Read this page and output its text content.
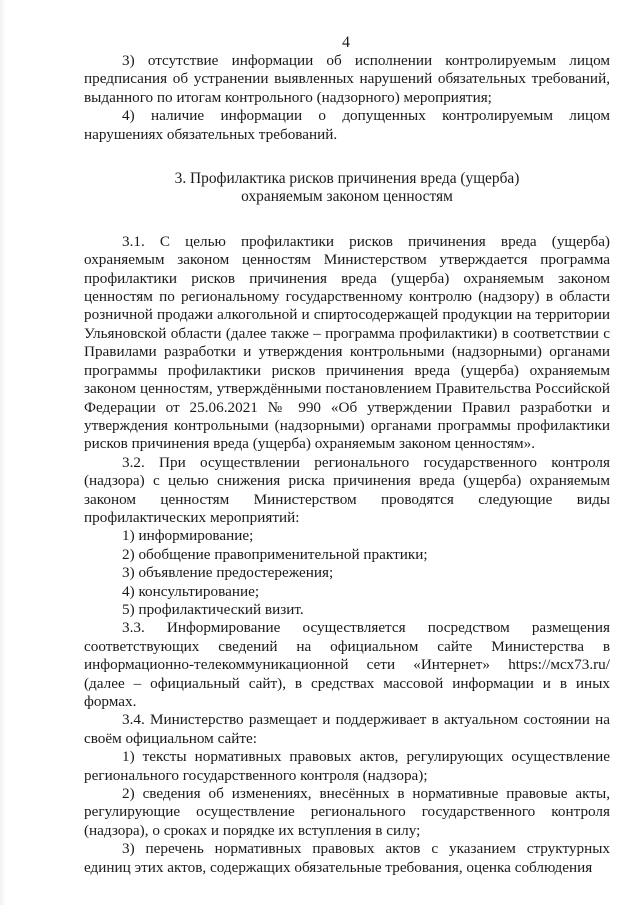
4

3) отсутствие информации об исполнении контролируемым лицом предписания об устранении выявленных нарушений обязательных требований, выданного по итогам контрольного (надзорного) мероприятия;

4) наличие информации о допущенных контролируемым лицом нарушениях обязательных требований.

3. Профилактика рисков причинения вреда (ущерба)
охраняемым законом ценностям

3.1. С целью профилактики рисков причинения вреда (ущерба) охраняемым законом ценностям Министерством утверждается программа профилактики рисков причинения вреда (ущерба) охраняемым законом ценностям по региональному государственному контролю (надзору) в области розничной продажи алкогольной и спиртосодержащей продукции на территории Ульяновской области (далее также – программа профилактики) в соответствии с Правилами разработки и утверждения контрольными (надзорными) органами программы профилактики рисков причинения вреда (ущерба) охраняемым законом ценностям, утверждёнными постановлением Правительства Российской Федерации от 25.06.2021 № 990 «Об утверждении Правил разработки и утверждения контрольными (надзорными) органами программы профилактики рисков причинения вреда (ущерба) охраняемым законом ценностям».

3.2. При осуществлении регионального государственного контроля (надзора) с целью снижения риска причинения вреда (ущерба) охраняемым законом ценностям Министерством проводятся следующие виды профилактических мероприятий:

1) информирование;

2) обобщение правоприменительной практики;

3) объявление предостережения;

4) консультирование;

5) профилактический визит.

3.3. Информирование осуществляется посредством размещения соответствующих сведений на официальном сайте Министерства в информационно-телекоммуникационной сети «Интернет» https://мсх73.ru/ (далее – официальный сайт), в средствах массовой информации и в иных формах.

3.4. Министерство размещает и поддерживает в актуальном состоянии на своём официальном сайте:

1) тексты нормативных правовых актов, регулирующих осуществление регионального государственного контроля (надзора);

2) сведения об изменениях, внесённых в нормативные правовые акты, регулирующие осуществление регионального государственного контроля (надзора), о сроках и порядке их вступления в силу;

3) перечень нормативных правовых актов с указанием структурных единиц этих актов, содержащих обязательные требования, оценка соблюдения
